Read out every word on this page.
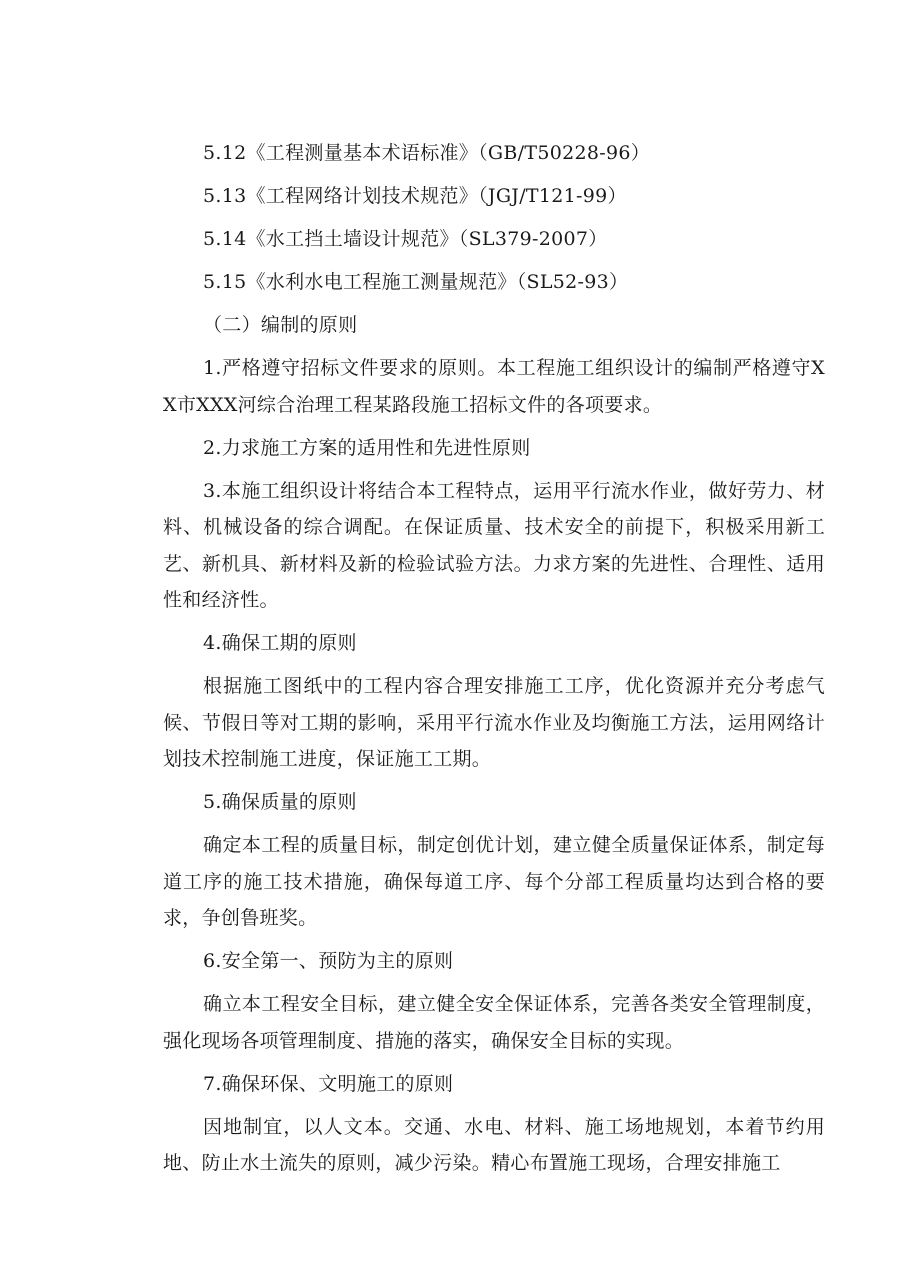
5.12《工程测量基本术语标准》（GB/T50228-96）

5.13《工程网络计划技术规范》（JGJ/T121-99）

5.14《水工挡土墙设计规范》（SL379-2007）

5.15《水利水电工程施工测量规范》（SL52-93）

（二）编制的原则

1.严格遵守招标文件要求的原则。本工程施工组织设计的编制严格遵守XX市XXX河综合治理工程某路段施工招标文件的各项要求。

2.力求施工方案的适用性和先进性原则

3.本施工组织设计将结合本工程特点，运用平行流水作业，做好劳力、材料、机械设备的综合调配。在保证质量、技术安全的前提下，积极采用新工艺、新机具、新材料及新的检验试验方法。力求方案的先进性、合理性、适用性和经济性。

4.确保工期的原则

根据施工图纸中的工程内容合理安排施工工序，优化资源并充分考虑气候、节假日等对工期的影响，采用平行流水作业及均衡施工方法，运用网络计划技术控制施工进度，保证施工工期。

5.确保质量的原则

确定本工程的质量目标，制定创优计划，建立健全质量保证体系，制定每道工序的施工技术措施，确保每道工序、每个分部工程质量均达到合格的要求，争创鲁班奖。

6.安全第一、预防为主的原则

确立本工程安全目标，建立健全安全保证体系，完善各类安全管理制度，强化现场各项管理制度、措施的落实，确保安全目标的实现。

7.确保环保、文明施工的原则

因地制宜，以人文本。交通、水电、材料、施工场地规划，本着节约用地、防止水土流失的原则，减少污染。精心布置施工现场，合理安排施工
